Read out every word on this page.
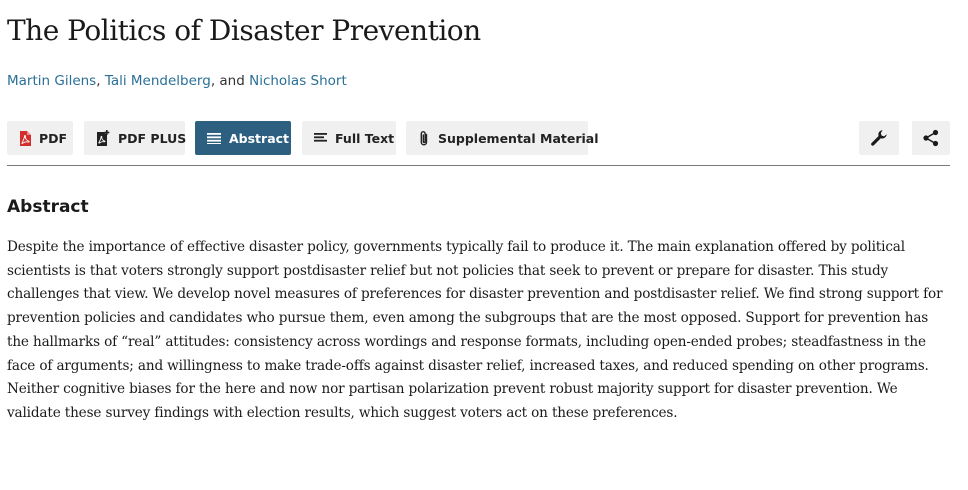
The Politics of Disaster Prevention
Martin Gilens, Tali Mendelberg, and Nicholas Short
PDF	PDF PLUS	Abstract	Full Text	Supplemental Material
Abstract

Despite the importance of effective disaster policy, governments typically fail to produce it. The main explanation offered by political scientists is that voters strongly support postdisaster relief but not policies that seek to prevent or prepare for disaster. This study challenges that view. We develop novel measures of preferences for disaster prevention and postdisaster relief. We find strong support for prevention policies and candidates who pursue them, even among the subgroups that are the most opposed. Support for prevention has the hallmarks of “real” attitudes: consistency across wordings and response formats, including open-ended probes; steadfastness in the face of arguments; and willingness to make trade-offs against disaster relief, increased taxes, and reduced spending on other programs. Neither cognitive biases for the here and now nor partisan polarization prevent robust majority support for disaster prevention. We validate these survey findings with election results, which suggest voters act on these preferences.
